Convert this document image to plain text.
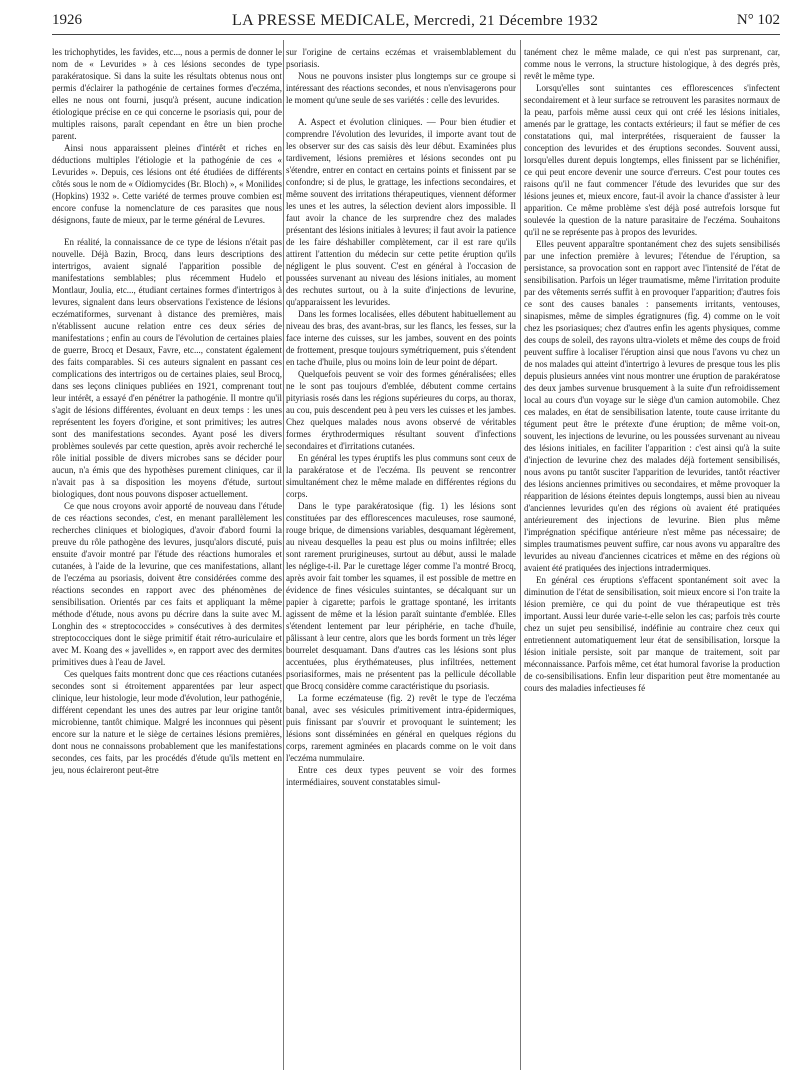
1926	LA PRESSE MEDICALE, Mercredi, 21 Décembre 1932	N° 102

les trichophytides, les favides, etc..., nous a permis de donner le nom de « Levurides » à ces lésions secondes de type parakératosique. Si dans la suite les résultats obtenus nous ont permis d'éclairer la pathogénie de certaines formes d'eczéma, elles ne nous ont fourni, jusqu'à présent, aucune indication étiologique précise en ce qui concerne le psoriasis qui, pour de multiples raisons, paraît cependant en être un bien proche parent.

Ainsi nous apparaissent pleines d'intérêt et riches en déductions multiples l'étiologie et la pathogénie de ces « Levurides ». Depuis, ces lésions ont été étudiées de différents côtés sous le nom de « Oïdiomycides (Br. Bloch) », « Monilides (Hopkins) 1932 ». Cette variété de termes prouve combien est encore confuse la nomenclature de ces parasites que nous désignons, faute de mieux, par le terme général de Levures.

En réalité, la connaissance de ce type de lésions n'était pas nouvelle. Déjà Bazin, Brocq, dans leurs descriptions des intertrigos, avaient signalé l'apparition possible de manifestations semblables; plus récemment Hudelo et Montlaur, Joulia, etc..., étudiant certaines formes d'intertrigos à levures, signalent dans leurs observations l'existence de lésions eczématiformes, survenant à distance des premières, mais n'établissent aucune relation entre ces deux séries de manifestations ; enfin au cours de l'évolution de certaines plaies de guerre, Brocq et Desaux, Favre, etc..., constatent également des faits comparables. Si ces auteurs signalent en passant ces complications des intertrigos ou de certaines plaies, seul Brocq, dans ses leçons cliniques publiées en 1921, comprenant tout leur intérêt, a essayé d'en pénétrer la pathogénie. Il montre qu'il s'agit de lésions différentes, évoluant en deux temps : les unes représentent les foyers d'origine, et sont primitives; les autres sont des manifestations secondes. Ayant posé les divers problèmes soulevés par cette question, après avoir recherché le rôle initial possible de divers microbes sans se décider pour aucun, n'a émis que des hypothèses purement cliniques, car il n'avait pas à sa disposition les moyens d'étude, surtout biologiques, dont nous pouvons disposer actuellement.

Ce que nous croyons avoir apporté de nouveau dans l'étude de ces réactions secondes, c'est, en menant parallèlement les recherches cliniques et biologiques, d'avoir d'abord fourni la preuve du rôle pathogène des levures, jusqu'alors discuté, puis ensuite d'avoir montré par l'étude des réactions humorales et cutanées, à l'aide de la levurine, que ces manifestations, allant de l'eczéma au psoriasis, doivent être considérées comme des réactions secondes en rapport avec des phénomènes de sensibilisation. Orientés par ces faits et appliquant la même méthode d'étude, nous avons pu décrire dans la suite avec M. Longhin des « streptococcides » consécutives à des dermites streptococciques dont le siège primitif était rétro-auriculaire et avec M. Koang des « javellides », en rapport avec des dermites primitives dues à l'eau de Javel.

Ces quelques faits montrent donc que ces réactions cutanées secondes sont si étroitement apparentées par leur aspect clinique, leur histologie, leur mode d'évolution, leur pathogénie, différent cependant les unes des autres par leur origine tantôt microbienne, tantôt chimique. Malgré les inconnues qui pèsent encore sur la nature et le siège de certaines lésions premières, dont nous ne connaissons probablement que les manifestations secondes, ces faits, par les procédés d'étude qu'ils mettent en jeu, nous éclaireront peut-être

sur l'origine de certains eczémas et vraisemblablement du psoriasis.

Nous ne pouvons insister plus longtemps sur ce groupe si intéressant des réactions secondes, et nous n'envisagerons pour le moment qu'une seule de ses variétés : celle des levurides.

A. Aspect et évolution cliniques. — Pour bien étudier et comprendre l'évolution des levurides, il importe avant tout de les observer sur des cas saisis dès leur début. Examinées plus tardivement, lésions premières et lésions secondes ont pu s'étendre, entrer en contact en certains points et finissent par se confondre; si de plus, le grattage, les infections secondaires, et même souvent des irritations thérapeutiques, viennent déformer les unes et les autres, la sélection devient alors impossible. Il faut avoir la chance de les surprendre chez des malades présentant des lésions initiales à levures; il faut avoir la patience de les faire déshabiller complètement, car il est rare qu'ils attirent l'attention du médecin sur cette petite éruption qu'ils négligent le plus souvent. C'est en général à l'occasion de poussées survenant au niveau des lésions initiales, au moment des rechutes surtout, ou à la suite d'injections de levurine, qu'apparaissent les levurides.

Dans les formes localisées, elles débutent habituellement au niveau des bras, des avant-bras, sur les flancs, les fesses, sur la face interne des cuisses, sur les jambes, souvent en des points de frottement, presque toujours symétriquement, puis s'étendent en tache d'huile, plus ou moins loin de leur point de départ.

Quelquefois peuvent se voir des formes généralisées; elles ne le sont pas toujours d'emblée, débutent comme certains pityriasis rosés dans les régions supérieures du corps, au thorax, au cou, puis descendent peu à peu vers les cuisses et les jambes. Chez quelques malades nous avons observé de véritables formes érythrodermiques résultant souvent d'infections secondaires et d'irritations cutanées.

En général les types éruptifs les plus communs sont ceux de la parakératose et de l'eczéma. Ils peuvent se rencontrer simultanément chez le même malade en différentes régions du corps.

Dans le type parakératosique (fig. 1) les lésions sont constituées par des efflorescences maculeuses, rose saumoné, rouge brique, de dimensions variables, desquamant légèrement, au niveau desquelles la peau est plus ou moins infiltrée; elles sont rarement prurigineuses, surtout au début, aussi le malade les néglige-t-il. Par le curettage léger comme l'a montré Brocq, après avoir fait tomber les squames, il est possible de mettre en évidence de fines vésicules suintantes, se décalquant sur un papier à cigarette; parfois le grattage spontané, les irritants agissent de même et la lésion paraît suintante d'emblée. Elles s'étendent lentement par leur périphérie, en tache d'huile, pâlissant à leur centre, alors que les bords forment un très léger bourrelet desquamant. Dans d'autres cas les lésions sont plus accentuées, plus érythémateuses, plus infiltrées, nettement psoriasiformes, mais ne présentent pas la pellicule décollable que Brocq considère comme caractéristique du psoriasis.

La forme eczémateuse (fig. 2) revêt le type de l'eczéma banal, avec ses vésicules primitivement intra-épidermiques, puis finissant par s'ouvrir et provoquant le suintement; les lésions sont disséminées en général en quelques régions du corps, rarement agminées en placards comme on le voit dans l'eczéma nummulaire.

Entre ces deux types peuvent se voir des formes intermédiaires, souvent constatables simul-

tanément chez le même malade, ce qui n'est pas surprenant, car, comme nous le verrons, la structure histologique, à des degrés près, revêt le même type.

Lorsqu'elles sont suintantes ces efflorescences s'infectent secondairement et à leur surface se retrouvent les parasites normaux de la peau, parfois même aussi ceux qui ont créé les lésions initiales, amenés par le grattage, les contacts extérieurs; il faut se méfier de ces constatations qui, mal interprétées, risqueraient de fausser la conception des levurides et des éruptions secondes. Souvent aussi, lorsqu'elles durent depuis longtemps, elles finissent par se lichénifier, ce qui peut encore devenir une source d'erreurs. C'est pour toutes ces raisons qu'il ne faut commencer l'étude des levurides que sur des lésions jeunes et, mieux encore, faut-il avoir la chance d'assister à leur apparition. Ce même problème s'est déjà posé autrefois lorsque fut soulevée la question de la nature parasitaire de l'eczéma. Souhaitons qu'il ne se représente pas à propos des levurides.

Elles peuvent apparaître spontanément chez des sujets sensibilisés par une infection première à levures; l'étendue de l'éruption, sa persistance, sa provocation sont en rapport avec l'intensité de l'état de sensibilisation. Parfois un léger traumatisme, même l'irritation produite par des vêtements serrés suffit à en provoquer l'apparition; d'autres fois ce sont des causes banales : pansements irritants, ventouses, sinapismes, même de simples égratignures (fig. 4) comme on le voit chez les psoriasiques; chez d'autres enfin les agents physiques, comme des coups de soleil, des rayons ultra-violets et même des coups de froid peuvent suffire à localiser l'éruption ainsi que nous l'avons vu chez un de nos malades qui atteint d'intertrigo à levures de presque tous les plis depuis plusieurs années vint nous montrer une éruption de parakératose des deux jambes survenue brusquement à la suite d'un refroidissement local au cours d'un voyage sur le siège d'un camion automobile. Chez ces malades, en état de sensibilisation latente, toute cause irritante du tégument peut être le prétexte d'une éruption; de même voit-on, souvent, les injections de levurine, ou les poussées survenant au niveau des lésions initiales, en faciliter l'apparition : c'est ainsi qu'à la suite d'injection de levurine chez des malades déjà fortement sensibilisés, nous avons pu tantôt susciter l'apparition de levurides, tantôt réactiver des lésions anciennes primitives ou secondaires, et même provoquer la réapparition de lésions éteintes depuis longtemps, aussi bien au niveau d'anciennes levurides qu'en des régions où avaient été pratiquées antérieurement des injections de levurine. Bien plus même l'imprégnation spécifique antérieure n'est même pas nécessaire; de simples traumatismes peuvent suffire, car nous avons vu apparaître des levurides au niveau d'anciennes cicatrices et même en des régions où avaient été pratiquées des injections intradermiques.

En général ces éruptions s'effacent spontanément soit avec la diminution de l'état de sensibilisation, soit mieux encore si l'on traite la lésion première, ce qui du point de vue thérapeutique est très important. Aussi leur durée varie-t-elle selon les cas; parfois très courte chez un sujet peu sensibilisé, indéfinie au contraire chez ceux qui entretiennent automatiquement leur état de sensibilisation, lorsque la lésion initiale persiste, soit par manque de traitement, soit par méconnaissance. Parfois même, cet état humoral favorise la production de co-sensibilisations. Enfin leur disparition peut être momentanée au cours des maladies infectieuses fé
